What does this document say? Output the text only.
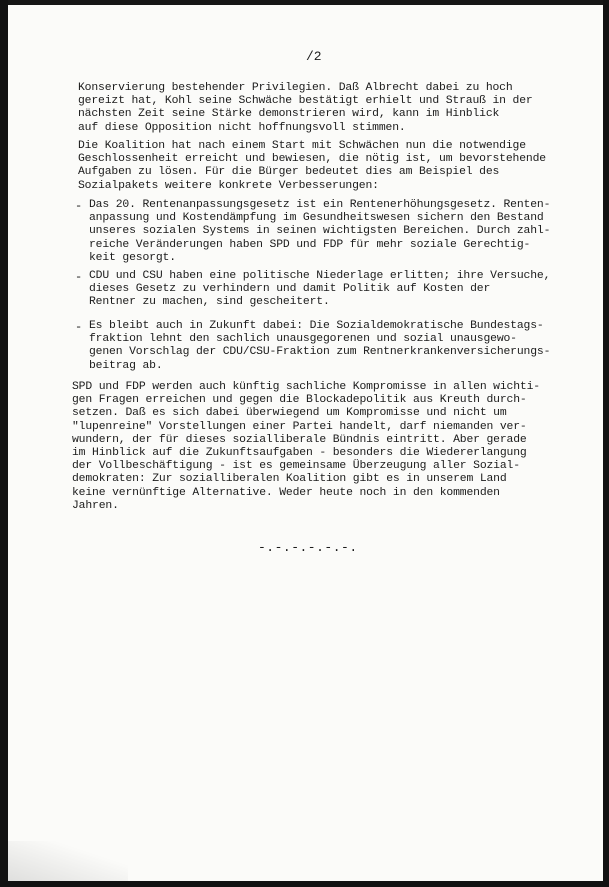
/2
Konservierung bestehender Privilegien. Daß Albrecht dabei zu hoch
gereizt hat, Kohl seine Schwäche bestätigt erhielt und Strauß in der
nächsten Zeit seine Stärke demonstrieren wird, kann im Hinblick
auf diese Opposition nicht hoffnungsvoll stimmen.
Die Koalition hat nach einem Start mit Schwächen nun die notwendige
Geschlossenheit erreicht und bewiesen, die nötig ist, um bevorstehende
Aufgaben zu lösen. Für die Bürger bedeutet dies am Beispiel des
Sozialpakets weitere konkrete Verbesserungen:
- Das 20. Rentenanpassungsgesetz ist ein Rentenerhöhungsgesetz. Renten-
anpassung und Kostendämpfung im Gesundheitswesen sichern den Bestand
unseres sozialen Systems in seinen wichtigsten Bereichen. Durch zahl-
reiche Veränderungen haben SPD und FDP für mehr soziale Gerechtig-
keit gesorgt.
- CDU und CSU haben eine politische Niederlage erlitten; ihre Versuche,
dieses Gesetz zu verhindern und damit Politik auf Kosten der
Rentner zu machen, sind gescheitert.
- Es bleibt auch in Zukunft dabei: Die Sozialdemokratische Bundestags-
fraktion lehnt den sachlich unausgegorenen und sozial unausgewo-
genen Vorschlag der CDU/CSU-Fraktion zum Rentnerkrankenversicherungs-
beitrag ab.
SPD und FDP werden auch künftig sachliche Kompromisse in allen wichti-
gen Fragen erreichen und gegen die Blockadepolitik aus Kreuth durch-
setzen. Daß es sich dabei überwiegend um Kompromisse und nicht um
"lupenreine" Vorstellungen einer Partei handelt, darf niemanden ver-
wundern, der für dieses sozialliberale Bündnis eintritt. Aber gerade
im Hinblick auf die Zukunftsaufgaben - besonders die Wiedererlangung
der Vollbeschäftigung - ist es gemeinsame Überzeugung aller Sozial-
demokraten: Zur sozialliberalen Koalition gibt es in unserem Land
keine vernünftige Alternative. Weder heute noch in den kommenden
Jahren.
-.-.-.-.-.-.
